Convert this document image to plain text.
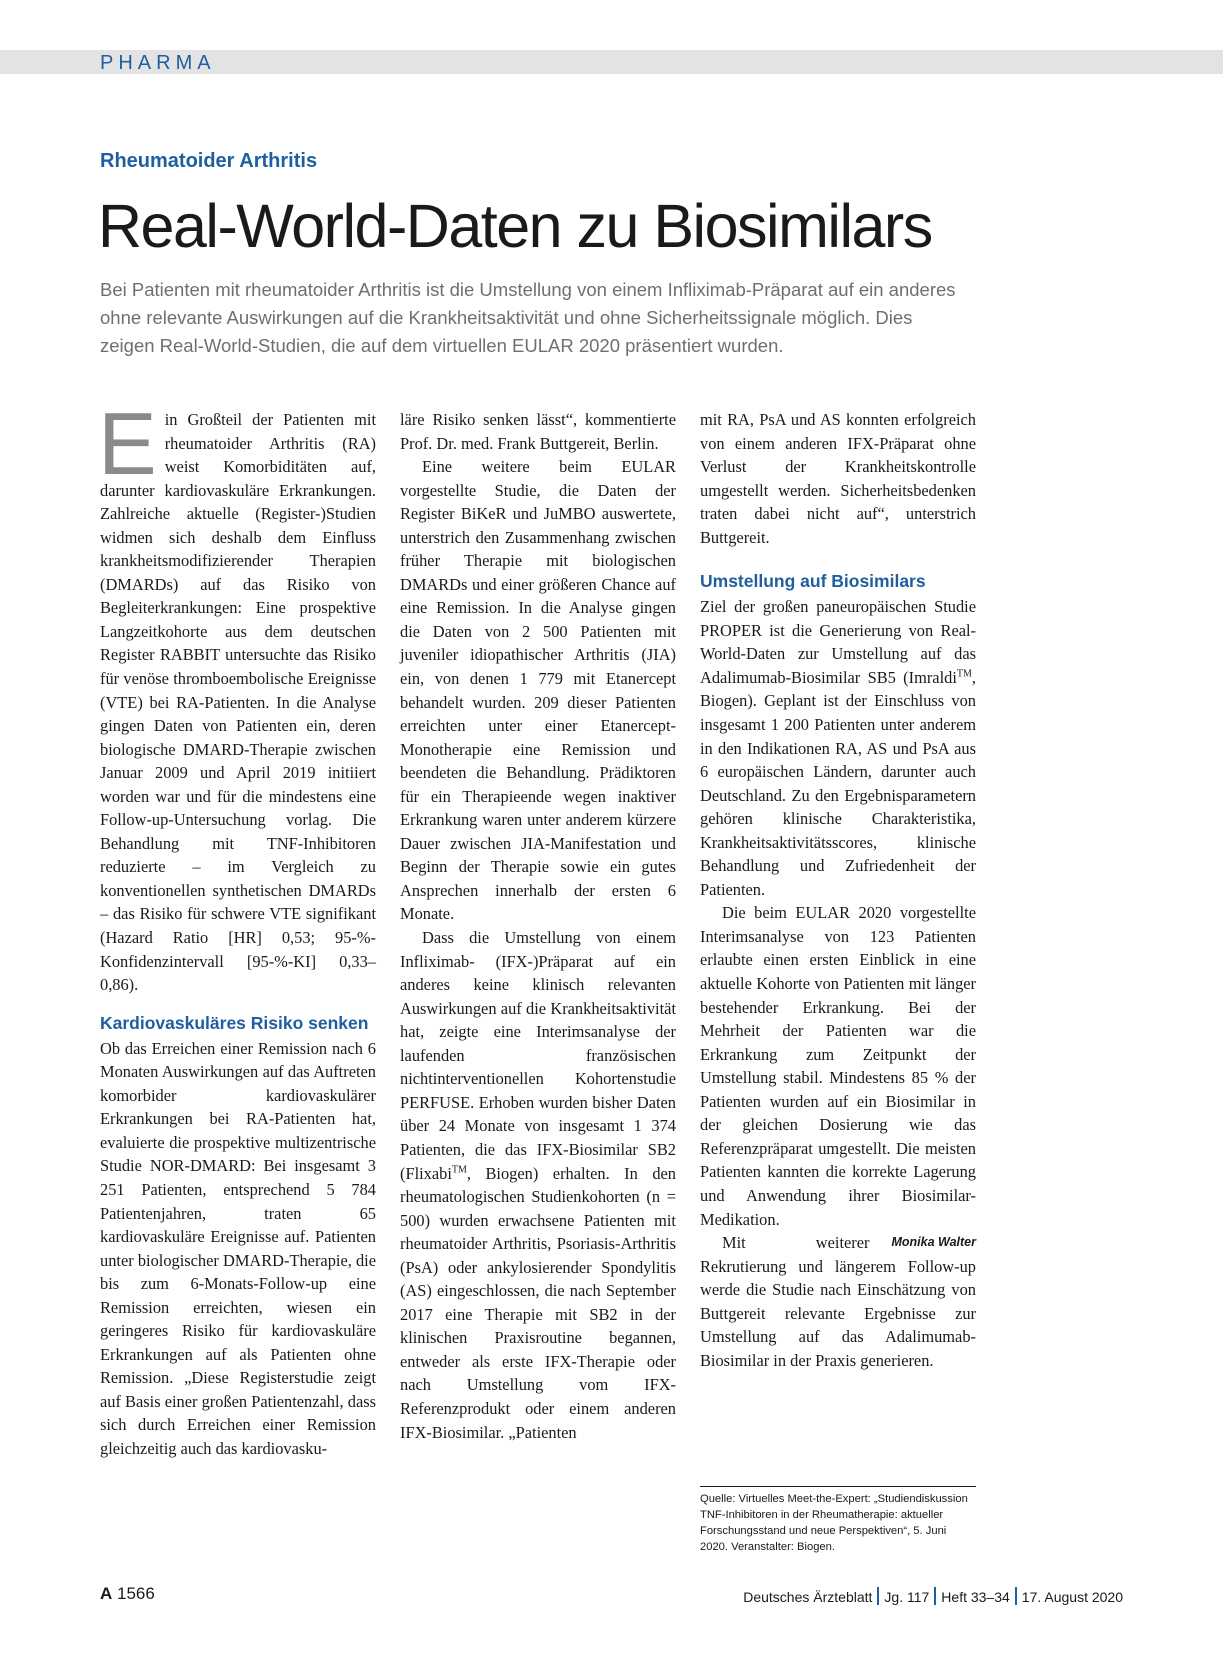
PHARMA
Rheumatoider Arthritis
Real-World-Daten zu Biosimilars

Bei Patienten mit rheumatoider Arthritis ist die Umstellung von einem Infliximab-Präparat auf ein anderes ohne relevante Auswirkungen auf die Krankheitsaktivität und ohne Sicherheitssignale möglich. Dies zeigen Real-World-Studien, die auf dem virtuellen EULAR 2020 präsentiert wurden.

E in Großteil der Patienten mit rheumatoider Arthritis (RA) weist Komorbiditäten auf, darunter kardiovaskuläre Erkrankungen. Zahlreiche aktuelle (Register-)Studien widmen sich deshalb dem Einfluss krankheitsmodifizierender Therapien (DMARDs) auf das Risiko von Begleiterkrankungen: Eine prospektive Langzeitkohorte aus dem deutschen Register RABBIT untersuchte das Risiko für venöse thromboembolische Ereignisse (VTE) bei RA-Patienten. In die Analyse gingen Daten von Patienten ein, deren biologische DMARD-Therapie zwischen Januar 2009 und April 2019 initiiert worden war und für die mindestens eine Follow-up-Untersuchung vorlag. Die Behandlung mit TNF-Inhibitoren reduzierte – im Vergleich zu konventionellen synthetischen DMARDs – das Risiko für schwere VTE signifikant (Hazard Ratio [HR] 0,53; 95-%-Konfidenzintervall [95-%-KI] 0,33–0,86).

Kardiovaskuläres Risiko senken

Ob das Erreichen einer Remission nach 6 Monaten Auswirkungen auf das Auftreten komorbider kardiovaskulärer Erkrankungen bei RA-Patienten hat, evaluierte die prospektive multizentrische Studie NOR-DMARD: Bei insgesamt 3 251 Patienten, entsprechend 5 784 Patientenjahren, traten 65 kardiovaskuläre Ereignisse auf. Patienten unter biologischer DMARD-Therapie, die bis zum 6-Monats-Follow-up eine Remission erreichten, wiesen ein geringeres Risiko für kardiovaskuläre Erkrankungen auf als Patienten ohne Remission. „Diese Registerstudie zeigt auf Basis einer großen Patientenzahl, dass sich durch Erreichen einer Remission gleichzeitig auch das kardiovasku-

läre Risiko senken lässt“, kommentierte Prof. Dr. med. Frank Buttgereit, Berlin.

Eine weitere beim EULAR vorgestellte Studie, die Daten der Register BiKeR und JuMBO auswertete, unterstrich den Zusammenhang zwischen früher Therapie mit biologischen DMARDs und einer größeren Chance auf eine Remission. In die Analyse gingen die Daten von 2 500 Patienten mit juveniler idiopathischer Arthritis (JIA) ein, von denen 1 779 mit Etanercept behandelt wurden. 209 dieser Patienten erreichten unter einer Etanercept-Monotherapie eine Remission und beendeten die Behandlung. Prädiktoren für ein Therapieende wegen inaktiver Erkrankung waren unter anderem kürzere Dauer zwischen JIA-Manifestation und Beginn der Therapie sowie ein gutes Ansprechen innerhalb der ersten 6 Monate.

Dass die Umstellung von einem Infliximab- (IFX-)Präparat auf ein anderes keine klinisch relevanten Auswirkungen auf die Krankheitsaktivität hat, zeigte eine Interimsanalyse der laufenden französischen nichtinterventionellen Kohortenstudie PERFUSE. Erhoben wurden bisher Daten über 24 Monate von insgesamt 1 374 Patienten, die das IFX-Biosimilar SB2 (Flixabi™, Biogen) erhalten. In den rheumatologischen Studienkohorten (n = 500) wurden erwachsene Patienten mit rheumatoider Arthritis, Psoriasis-Arthritis (PsA) oder ankylosierender Spondylitis (AS) eingeschlossen, die nach September 2017 eine Therapie mit SB2 in der klinischen Praxisroutine begannen, entweder als erste IFX-Therapie oder nach Umstellung vom IFX-Referenzprodukt oder einem anderen IFX-Biosimilar. „Patienten

mit RA, PsA und AS konnten erfolgreich von einem anderen IFX-Präparat ohne Verlust der Krankheitskontrolle umgestellt werden. Sicherheitsbedenken traten dabei nicht auf“, unterstrich Buttgereit.

Umstellung auf Biosimilars

Ziel der großen paneuropäischen Studie PROPER ist die Generierung von Real-World-Daten zur Umstellung auf das Adalimumab-Biosimilar SB5 (Imraldi™, Biogen). Geplant ist der Einschluss von insgesamt 1 200 Patienten unter anderem in den Indikationen RA, AS und PsA aus 6 europäischen Ländern, darunter auch Deutschland. Zu den Ergebnisparametern gehören klinische Charakteristika, Krankheitsaktivitätsscores, klinische Behandlung und Zufriedenheit der Patienten.

Die beim EULAR 2020 vorgestellte Interimsanalyse von 123 Patienten erlaubte einen ersten Einblick in eine aktuelle Kohorte von Patienten mit länger bestehender Erkrankung. Bei der Mehrheit der Patienten war die Erkrankung zum Zeitpunkt der Umstellung stabil. Mindestens 85 % der Patienten wurden auf ein Biosimilar in der gleichen Dosierung wie das Referenzpräparat umgestellt. Die meisten Patienten kannten die korrekte Lagerung und Anwendung ihrer Biosimilar-Medikation.

Monika Walter
Mit weiterer Rekrutierung und längerem Follow-up werde die Studie nach Einschätzung von Buttgereit relevante Ergebnisse zur Umstellung auf das Adalimumab-Biosimilar in der Praxis generieren.

Quelle: Virtuelles Meet-the-Expert: „Studiendiskussion TNF-Inhibitoren in der Rheumatherapie: aktueller Forschungsstand und neue Perspektiven“, 5. Juni 2020. Veranstalter: Biogen.
A 1566	Deutsches Ärzteblatt Jg. 117 Heft 33–34 17. August 2020
